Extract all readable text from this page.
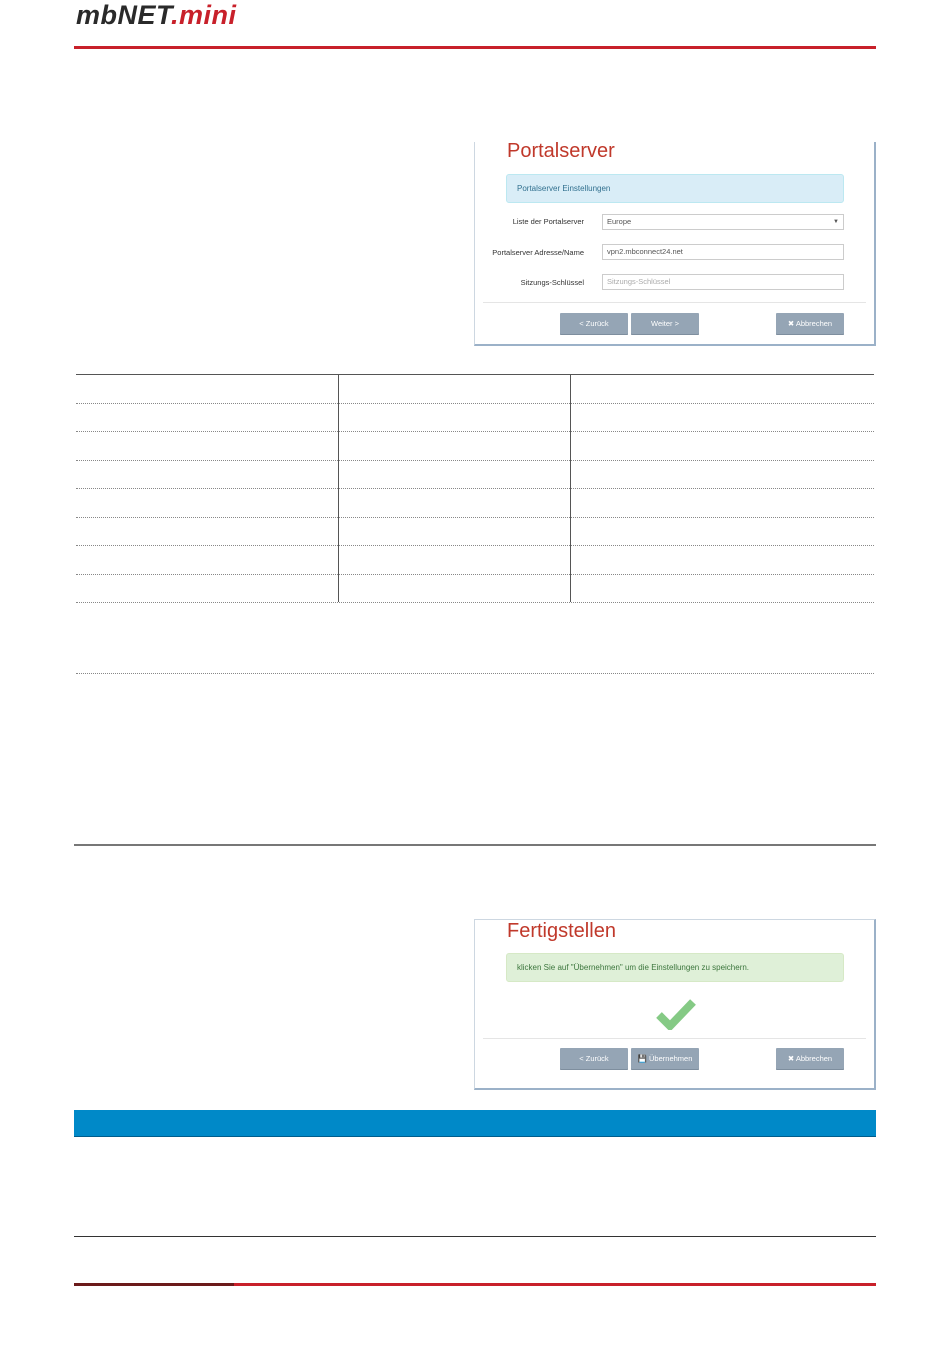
mbNET.mini
Portalserver
Portalserver Einstellungen
Liste der Portalserver	Europe	▼
Portalserver Adresse/Name	vpn2.mbconnect24.net
Sitzungs-Schlüssel	Sitzungs-Schlüssel
< Zurück	Weiter >	✖ Abbrechen
Fertigstellen
klicken Sie auf "Übernehmen" um die Einstellungen zu speichern.
< Zurück	💾 Übernehmen	✖ Abbrechen
